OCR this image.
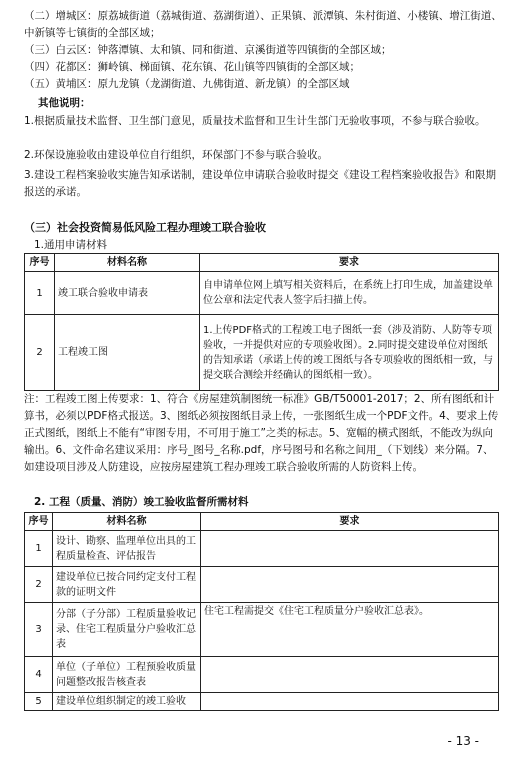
（二）增城区：原荔城街道（荔城街道、荔湖街道）、正果镇、派潭镇、朱村街道、小楼镇、增江街道、中新镇等七镇街的全部区域；
（三）白云区：钟落潭镇、太和镇、同和街道、京溪街道等四镇街的全部区域；
（四）花都区：狮岭镇、梯面镇、花东镇、花山镇等四镇街的全部区域；
（五）黄埔区：原九龙镇（龙湖街道、九佛街道、新龙镇）的全部区域
其他说明：
1.根据质量技术监督、卫生部门意见，质量技术监督和卫生计生部门无验收事项，不参与联合验收。
2.环保设施验收由建设单位自行组织，环保部门不参与联合验收。
3.建设工程档案验收实施告知承诺制，建设单位申请联合验收时提交《建设工程档案验收报告》和限期报送的承诺。
（三）社会投资简易低风险工程办理竣工联合验收
1.通用申请材料
序号	材料名称	要求
1	竣工联合验收申请表	自申请单位网上填写相关资料后，在系统上打印生成，加盖建设单位公章和法定代表人签字后扫描上传。
2	工程竣工图	1.上传PDF格式的工程竣工电子图纸一套（涉及消防、人防等专项验收，一并提供对应的专项验收图）。2.同时提交建设单位对图纸的告知承诺（承诺上传的竣工图纸与各专项验收的图纸相一致，与提交联合测绘并经确认的图纸相一致）。
注：工程竣工图上传要求：1、符合《房屋建筑制图统一标准》GB/T50001-2017；2、所有图纸和计算书，必须以PDF格式报送。3、图纸必须按图纸目录上传，一张图纸生成一个PDF文件。4、要求上传正式图纸，图纸上不能有“审图专用，不可用于施工”之类的标志。5、宽幅的横式图纸，不能改为纵向输出。6、文件命名建议采用：序号_图号_名称.pdf，序号图号和名称之间用_（下划线）来分隔。7、如建设项目涉及人防建设，应按房屋建筑工程办理竣工联合验收所需的人防资料上传。
2. 工程（质量、消防）竣工验收监督所需材料
序号	材料名称	要求
1	设计、勘察、监理单位出具的工程质量检查、评估报告	
2	建设单位已按合同约定支付工程款的证明文件	
3	分部（子分部）工程质量验收记录、住宅工程质量分户验收汇总表	住宅工程需提交《住宅工程质量分户验收汇总表》。
4	单位（子单位）工程预验收质量问题整改报告核查表	
5	建设单位组织制定的竣工验收	
- 13 -
